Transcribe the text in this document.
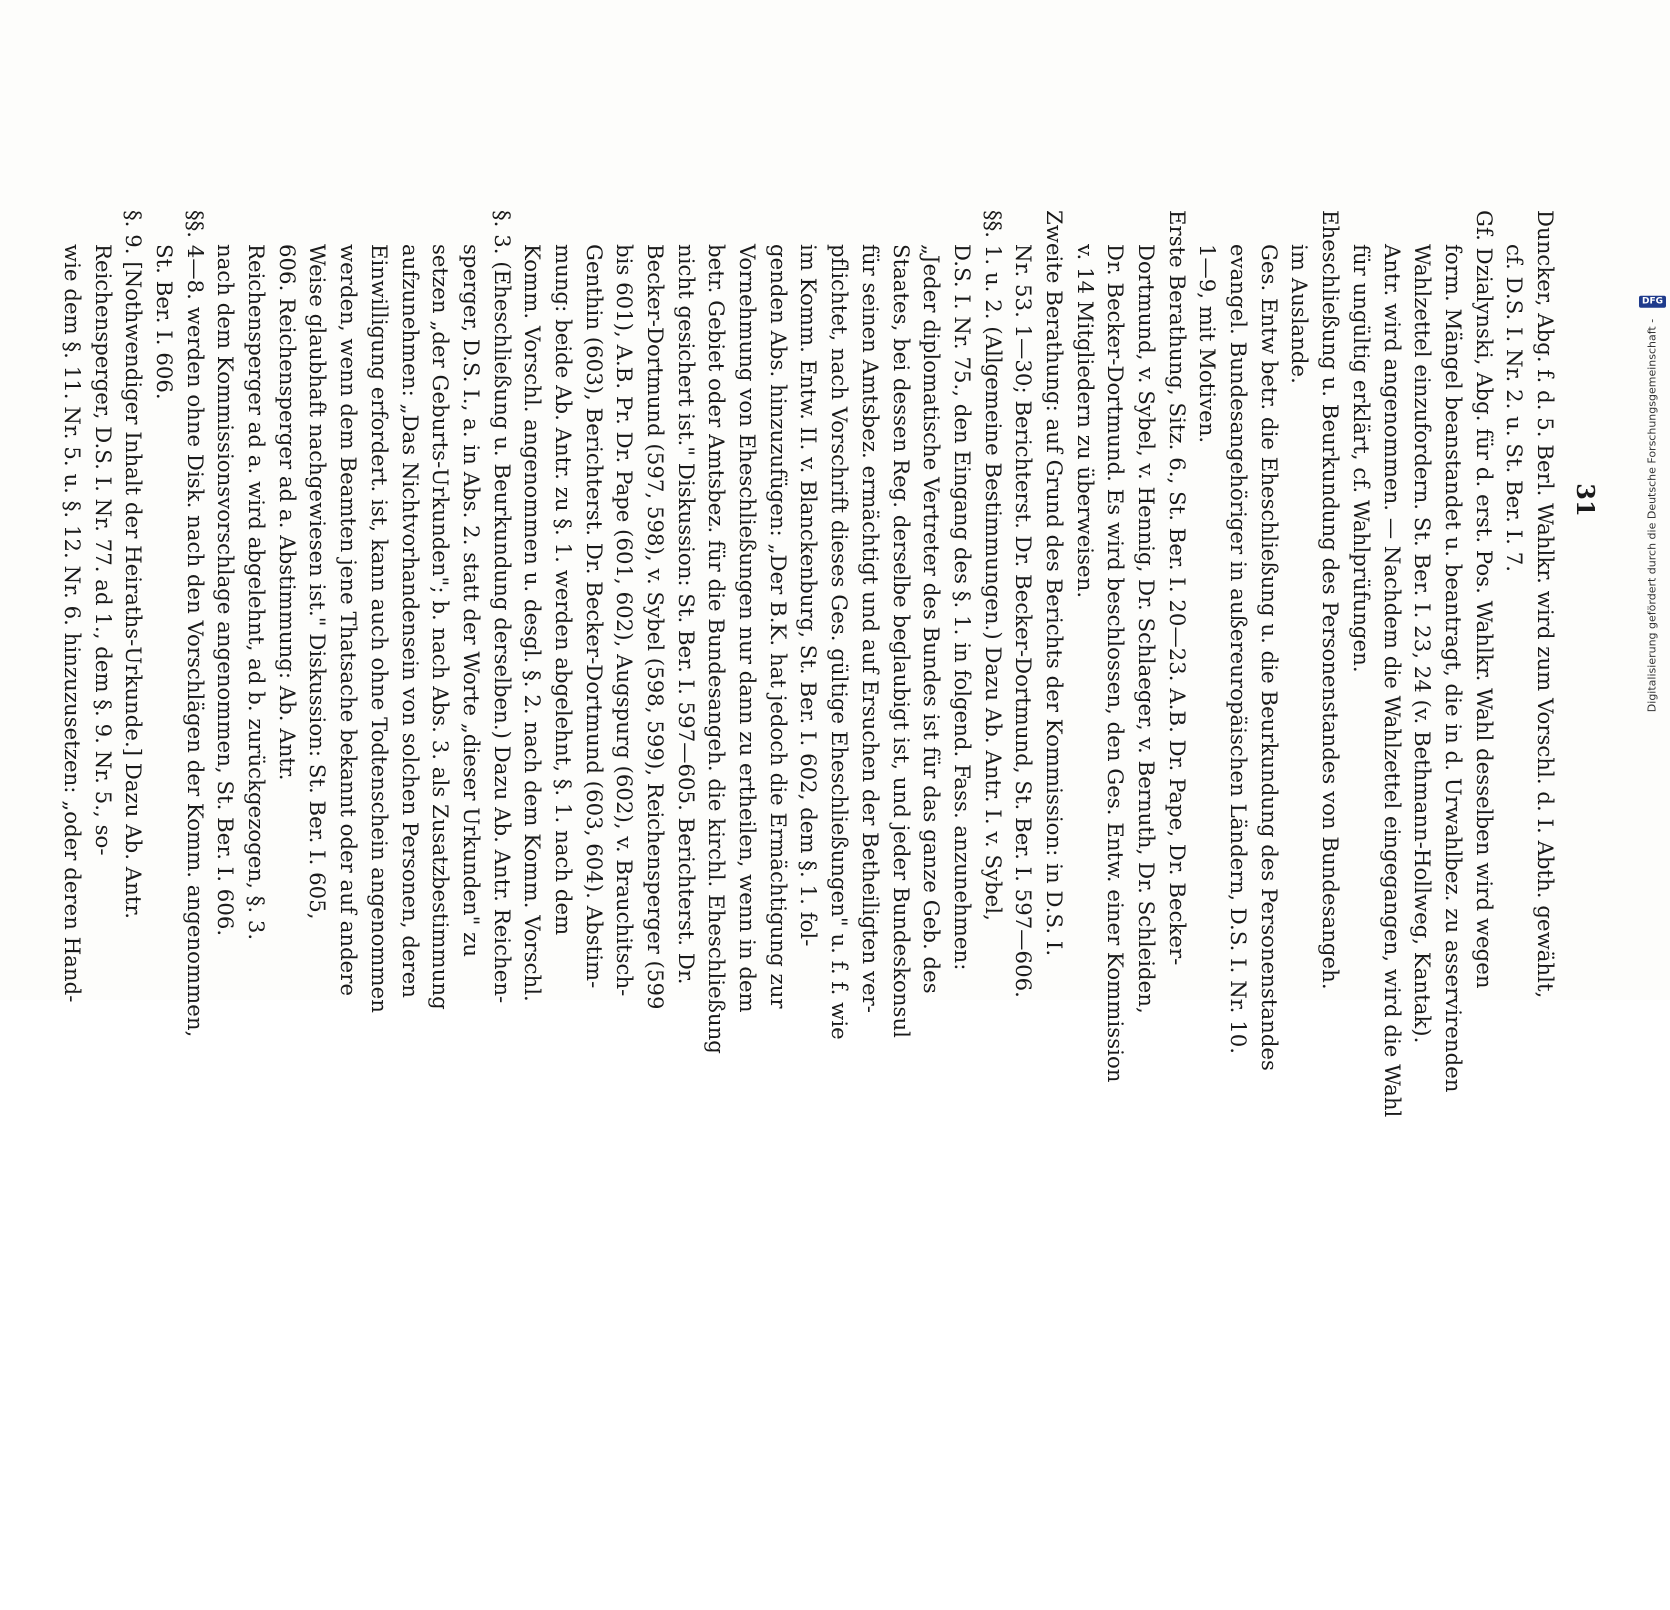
31
Duncker, Abg. f. d. 5. Berl. Wahlkr. wird zum Vorschl. d. I. Abth. gewählt,
cf. D.S. I. Nr. 2. u. St. Ber. I. 7.
Gf. Dzialynski, Abg. für d. erst. Pos. Wahlkr. Wahl desselben wird wegen
form. Mängel beanstandet u. beantragt, die in d. Urwahlbez. zu asservirenden
Wahlzettel einzufordern. St. Ber. I. 23, 24 (v. Bethmann-Hollweg, Kantak).
Antr. wird angenommen. — Nachdem die Wahlzettel eingegangen, wird die Wahl
für ungültig erklärt, cf. Wahlprüfungen.
Eheschließung u. Beurkundung des Personenstandes von Bundesangeh.
im Auslande.
Ges. Entw betr. die Eheschließung u. die Beurkundung des Personenstandes
evangel. Bundesangehöriger in außereuropäischen Ländern, D.S. I. Nr. 10.
1—9, mit Motiven.
Erste Berathung, Sitz. 6., St. Ber. I. 20—23. A.B. Dr. Pape, Dr. Becker-
Dortmund, v. Sybel, v. Hennig, Dr. Schlaeger, v. Bernuth, Dr. Schleiden,
Dr. Becker-Dortmund. Es wird beschlossen, den Ges. Entw. einer Kommission
v. 14 Mitgliedern zu überweisen.
Zweite Berathung: auf Grund des Berichts der Kommission: in D.S. I.
Nr. 53. 1—30; Berichterst. Dr. Becker-Dortmund, St. Ber. I. 597—606.
§§. 1. u. 2. (Allgemeine Bestimmungen.) Dazu Ab. Antr. I. v. Sybel,
D.S. I. Nr. 75., den Eingang des §. 1. in folgend. Fass. anzunehmen:
„Jeder diplomatische Vertreter des Bundes ist für das ganze Geb. des
Staates, bei dessen Reg. derselbe beglaubigt ist, und jeder Bundeskonsul
für seinen Amtsbez. ermächtigt und auf Ersuchen der Betheiligten ver-
pflichtet, nach Vorschrift dieses Ges. gültige Eheschließungen" u. f. f. wie
im Komm. Entw. II. v. Blanckenburg, St. Ber. I. 602, dem §. 1. fol-
genden Abs. hinzuzufügen: „Der B.K. hat jedoch die Ermächtigung zur
Vornehmung von Eheschließungen nur dann zu ertheilen, wenn in dem
betr. Gebiet oder Amtsbez. für die Bundesangeh. die kirchl. Eheschließung
nicht gesichert ist." Diskussion: St. Ber. I. 597—605. Berichterst. Dr.
Becker-Dortmund (597, 598), v. Sybel (598, 599), Reichensperger (599
bis 601), A.B. Pr. Dr. Pape (601, 602), Augspurg (602), v. Brauchitsch-
Genthin (603), Berichterst. Dr. Becker-Dortmund (603, 604). Abstim-
mung: beide Ab. Antr. zu §. 1. werden abgelehnt, §. 1. nach dem
Komm. Vorschl. angenommen u. desgl. §. 2. nach dem Komm. Vorschl.
§. 3. (Eheschließung u. Beurkundung derselben.) Dazu Ab. Antr. Reichen-
sperger, D.S. I., a. in Abs. 2. statt der Worte „dieser Urkunden" zu
setzen „der Geburts-Urkunden"; b. nach Abs. 3. als Zusatzbestimmung
aufzunehmen: „Das Nichtvorhandensein von solchen Personen, deren
Einwilligung erfordert. ist, kann auch ohne Todtenschein angenommen
werden, wenn dem Beamten jene Thatsache bekannt oder auf andere
Weise glaubhaft nachgewiesen ist." Diskussion: St. Ber. I. 605,
606. Reichensperger ad a. Abstimmung: Ab. Antr.
Reichensperger ad a. wird abgelehnt, ad b. zurückgezogen, §. 3.
nach dem Kommissionsvorschlage angenommen, St. Ber. I. 606.
§§. 4—8. werden ohne Disk. nach den Vorschlägen der Komm. angenommen,
St. Ber. I. 606.
§. 9. [Nothwendiger Inhalt der Heiraths-Urkunde.] Dazu Ab. Antr.
Reichensperger, D.S. I. Nr. 77. ad 1., dem §. 9. Nr. 5., so-
wie dem §. 11. Nr. 5. u. §. 12. Nr. 6. hinzuzusetzen: „oder deren Hand-	Digitalisierung gefördert durch die Deutsche Forschungsgemeinschaft -
DFG
